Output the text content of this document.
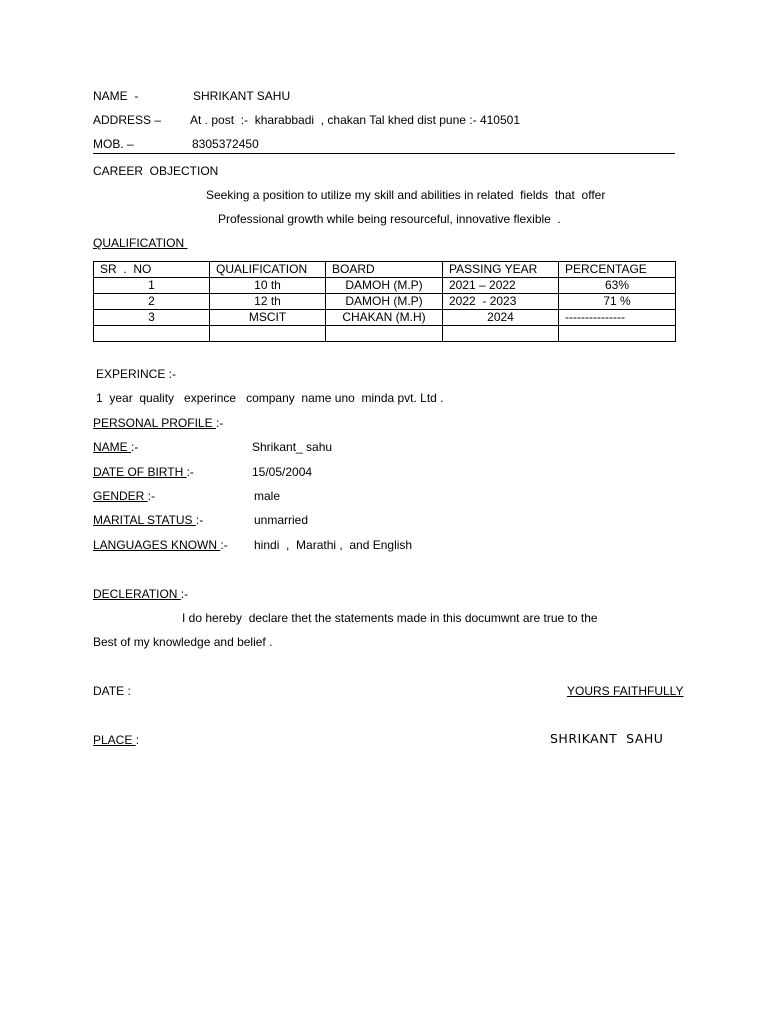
NAME  -	SHRIKANT SAHU
ADDRESS – At . post  :-  kharabbadi  , chakan Tal khed dist pune :- 410501
MOB. –	8305372450
CAREER  OBJECTION
Seeking a position to utilize my skill and abilities in related  fields  that  offer
Professional growth while being resourceful, innovative flexible  .
QUALIFICATION
SR  .  NO	QUALIFICATION	BOARD	PASSING YEAR	PERCENTAGE
1	10 th	DAMOH (M.P)	2021 – 2022	63%
2	12 th	DAMOH (M.P)	2022  - 2023	71 %
3	MSCIT	CHAKAN (M.H)	2024	---------------

EXPERINCE :-
1  year  quality   experince   company  name uno  minda pvt. Ltd .
PERSONAL PROFILE :-
NAME :-	Shrikant_ sahu
DATE OF BIRTH :-	15/05/2004
GENDER :-	male
MARITAL STATUS :-	unmarried
LANGUAGES KNOWN :- hindi  ,  Marathi ,  and English
DECLERATION :-
I do hereby  declare thet the statements made in this documwnt are true to the
Best of my knowledge and belief .
DATE :	YOURS FAITHFULLY
PLACE :	SHRIKANT  SAHU
